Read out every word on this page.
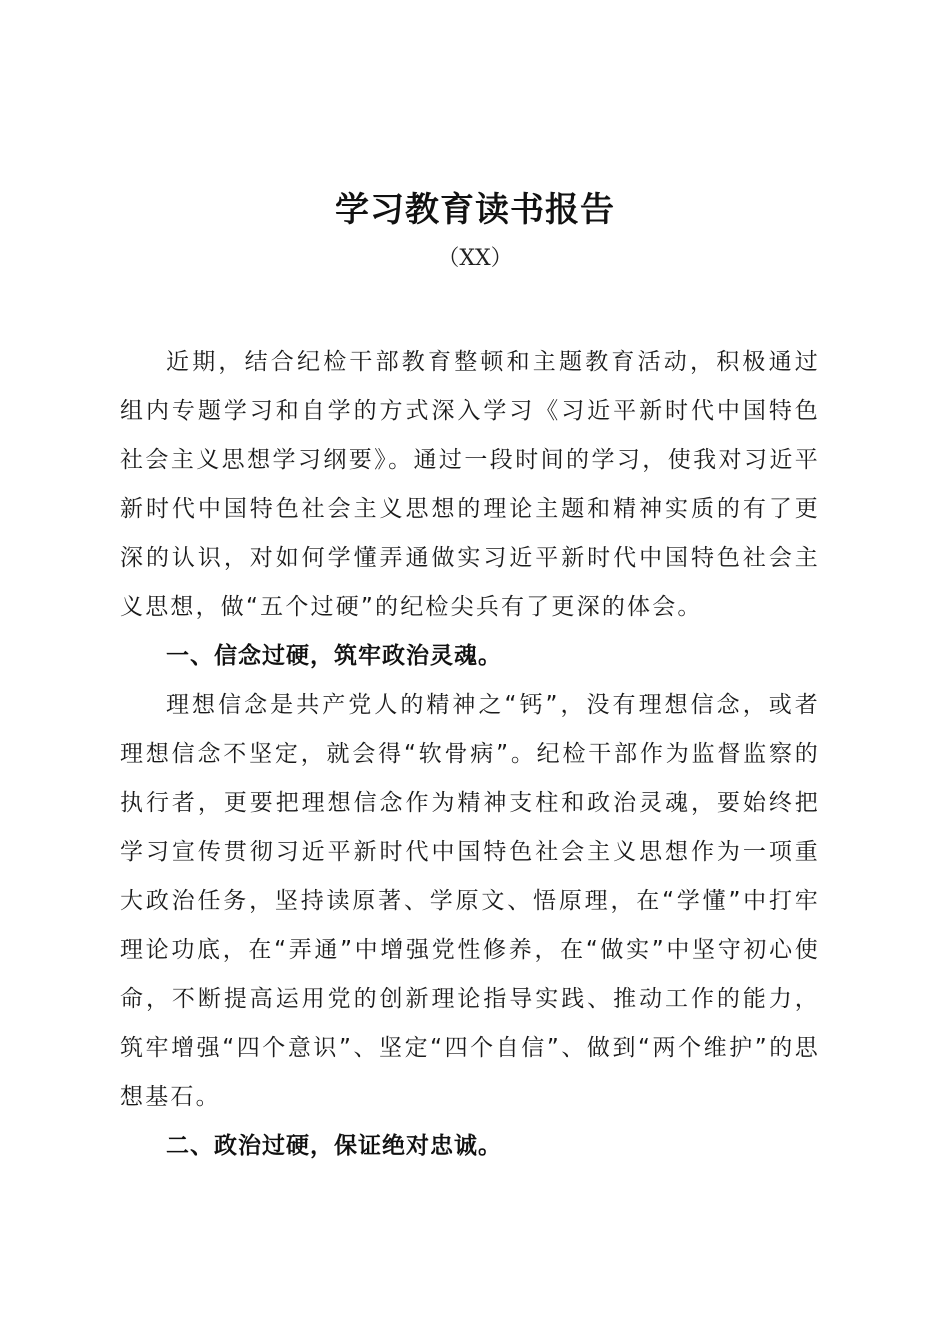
学习教育读书报告
（XX）

近期，结合纪检干部教育整顿和主题教育活动，积极通过组内专题学习和自学的方式深入学习《习近平新时代中国特色社会主义思想学习纲要》。通过一段时间的学习，使我对习近平新时代中国特色社会主义思想的理论主题和精神实质的有了更深的认识，对如何学懂弄通做实习近平新时代中国特色社会主义思想，做“五个过硬”的纪检尖兵有了更深的体会。

一、信念过硬，筑牢政治灵魂。

理想信念是共产党人的精神之“钙”，没有理想信念，或者理想信念不坚定，就会得“软骨病”。纪检干部作为监督监察的执行者，更要把理想信念作为精神支柱和政治灵魂，要始终把学习宣传贯彻习近平新时代中国特色社会主义思想作为一项重大政治任务，坚持读原著、学原文、悟原理，在“学懂”中打牢理论功底，在“弄通”中增强党性修养，在“做实”中坚守初心使命，不断提高运用党的创新理论指导实践、推动工作的能力，筑牢增强“四个意识”、坚定“四个自信”、做到“两个维护”的思想基石。

二、政治过硬，保证绝对忠诚。
